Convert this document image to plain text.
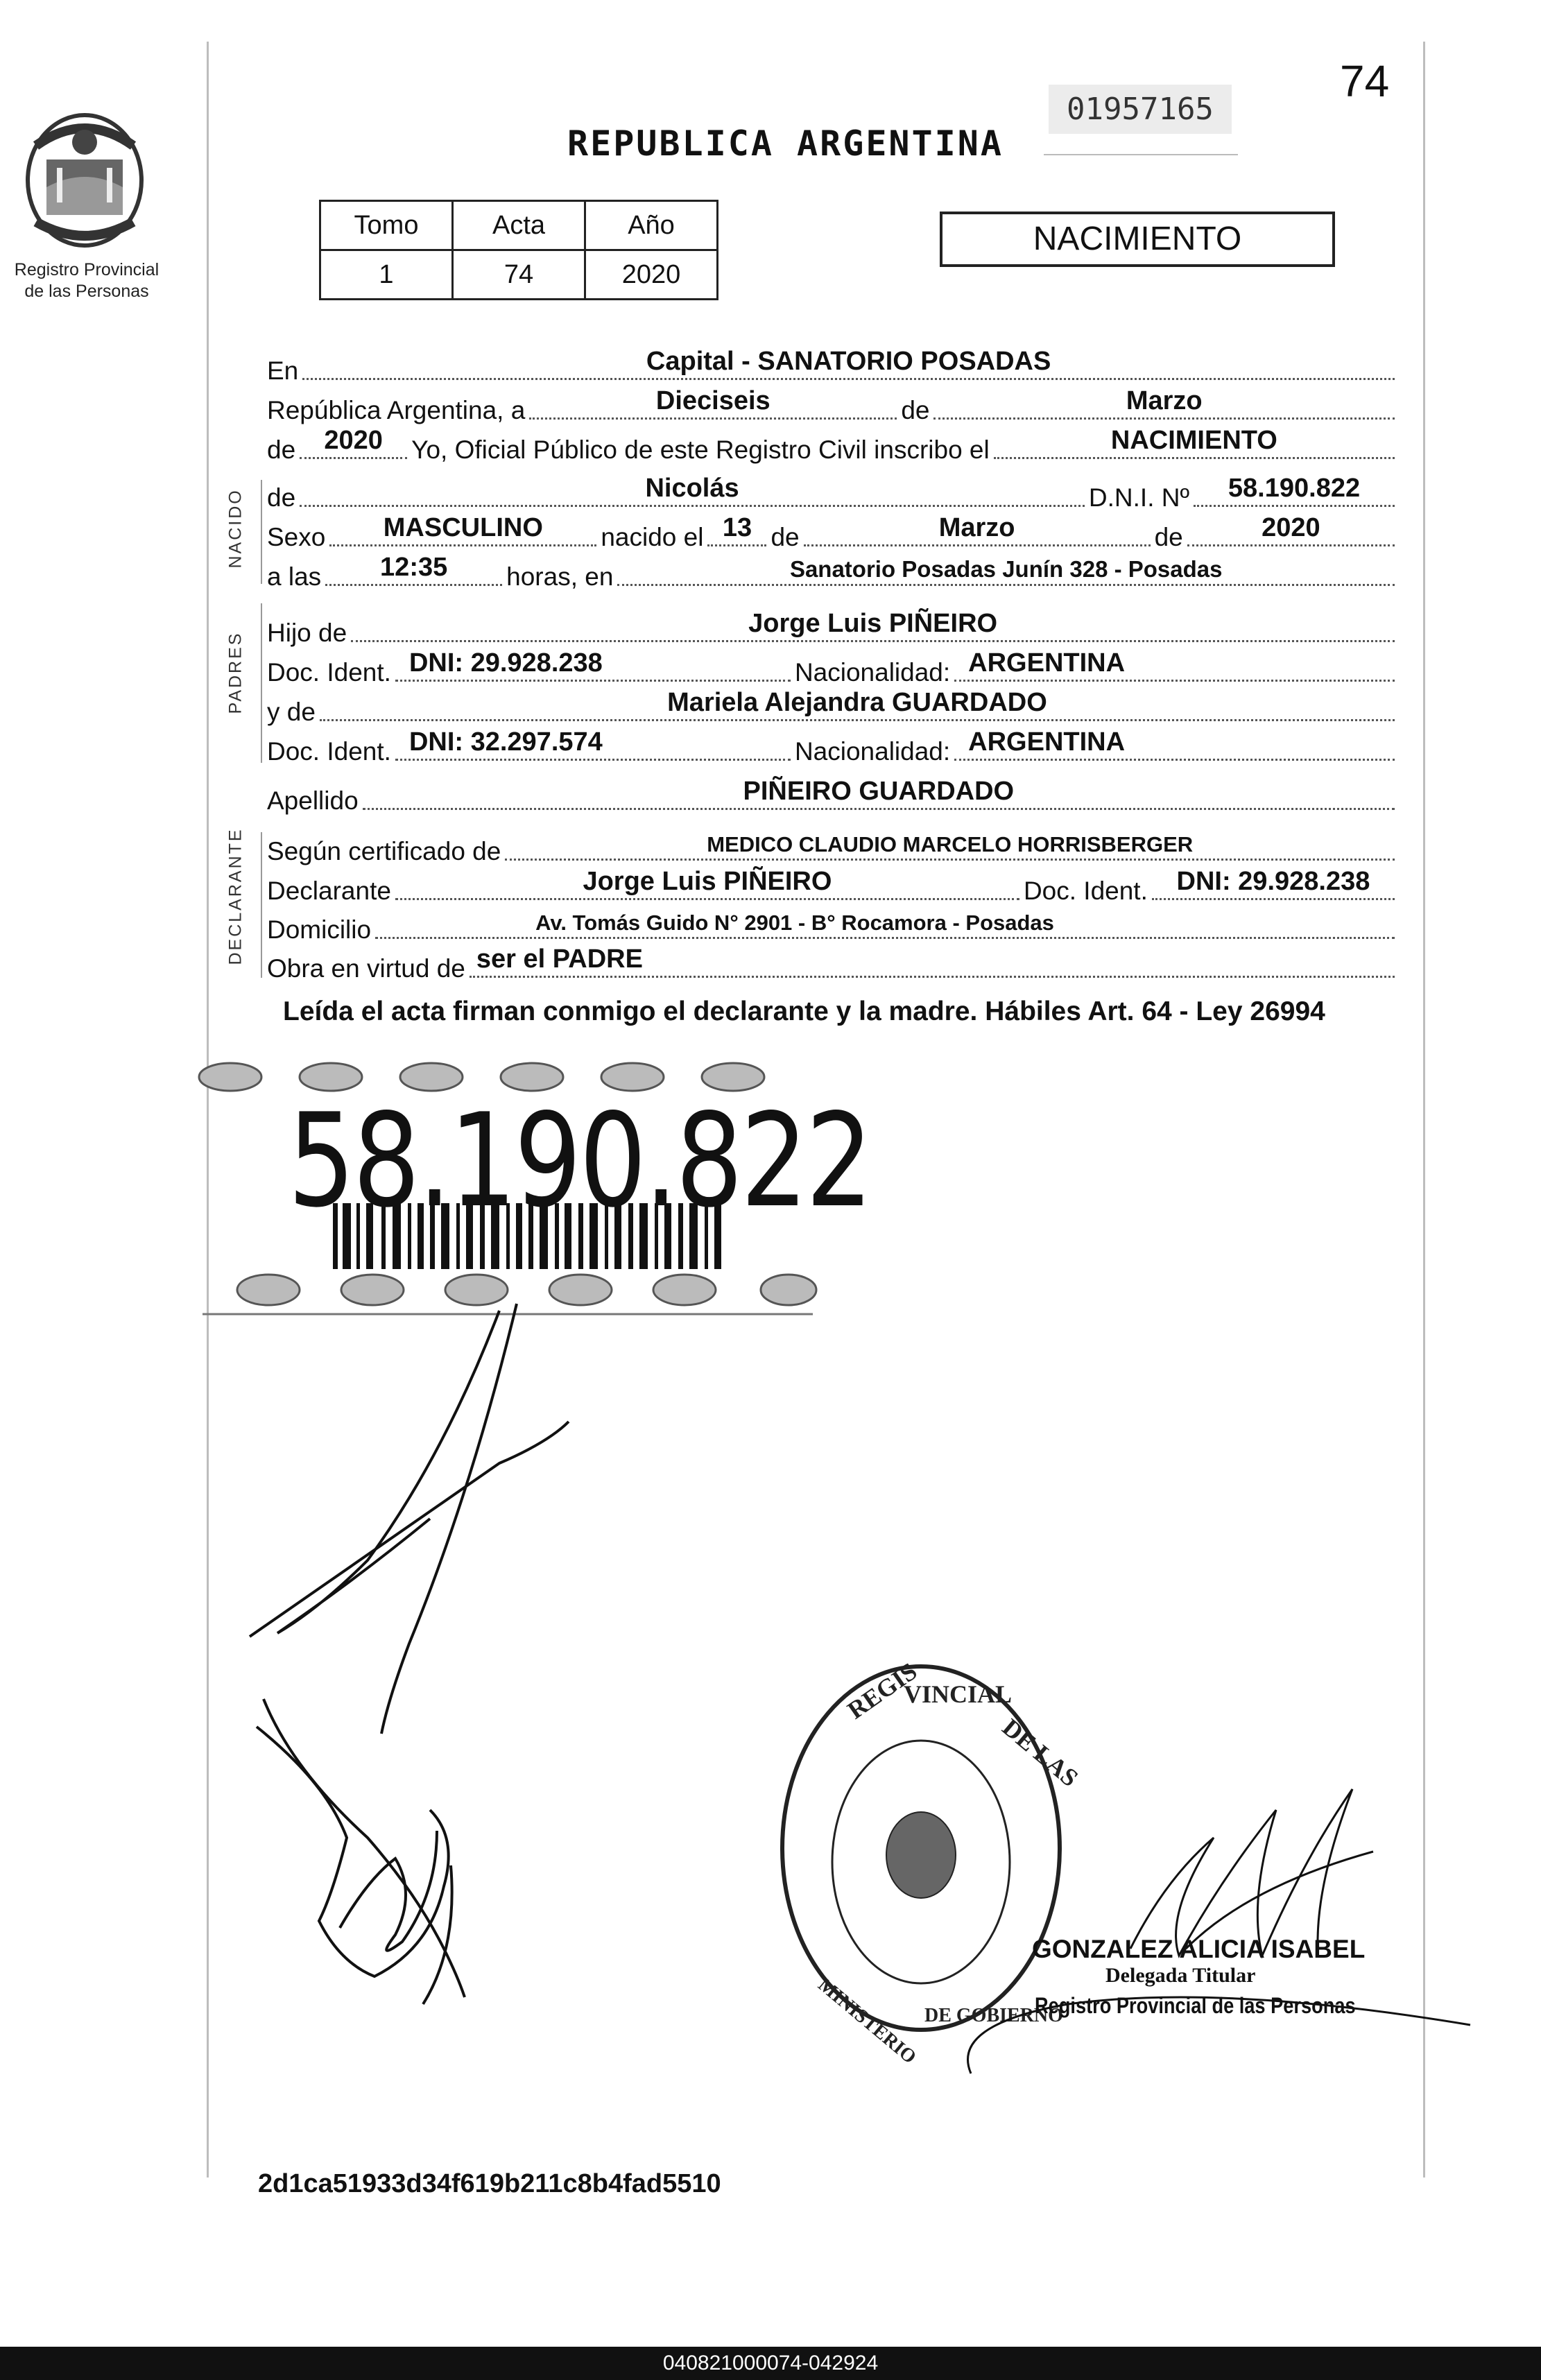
Registro Provincial
de las Personas
74
01957165
REPUBLICA ARGENTINA
Tomo	Acta	Año
1	74	2020
NACIMIENTO
En	Capital - SANATORIO POSADAS
República Argentina, a	Dieciseis	de	Marzo
de	2020	Yo, Oficial Público de este Registro Civil inscribo el	NACIMIENTO
NACIDO de	Nicolás	D.N.I. Nº	58.190.822
Sexo	MASCULINO	nacido el 13 de	Marzo	de	2020
a las	12:35	horas, en	Sanatorio Posadas Junín 328 - Posadas
PADRES Hijo de	Jorge Luis PIÑEIRO
Doc. Ident. DNI: 29.928.238	Nacionalidad: ARGENTINA
y de	Mariela Alejandra GUARDADO
Doc. Ident. DNI: 32.297.574	Nacionalidad: ARGENTINA
Apellido	PIÑEIRO GUARDADO
DECLARANTE Según certificado de	MEDICO CLAUDIO MARCELO HORRISBERGER
Declarante	Jorge Luis PIÑEIRO	Doc. Ident.	DNI: 29.928.238
Domicilio	Av. Tomás Guido N° 2901 - B° Rocamora - Posadas
Obra en virtud de ser el PADRE
Leída el acta firman conmigo el declarante y la madre. Hábiles Art. 64 - Ley 26994
58.190.822
REGIS
VINCIAL
DE LAS
MINISTERIO DE GOBIERNO
GONZALEZ ALICIA ISABEL
Delegada Titular
Registro Provincial de las Personas
2d1ca51933d34f619b211c8b4fad5510
040821000074-042924
